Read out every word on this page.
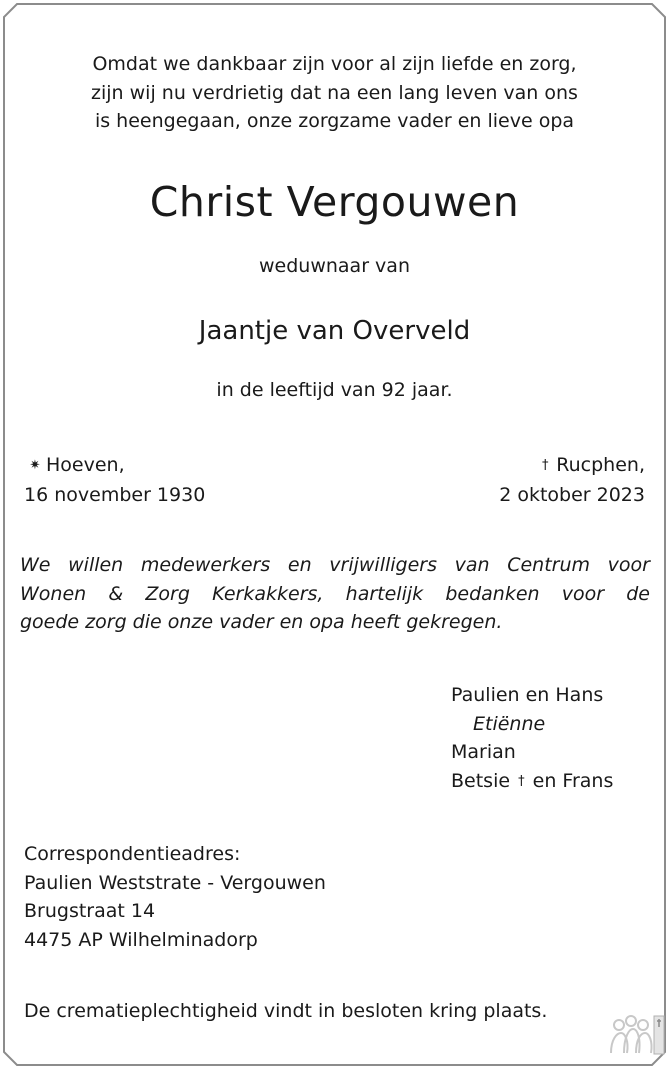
Omdat we dankbaar zijn voor al zijn liefde en zorg,
zijn wij nu verdrietig dat na een lang leven van ons
is heengegaan, onze zorgzame vader en lieve opa
Christ Vergouwen
weduwnaar van
Jaantje van Overveld
in de leeftijd van 92 jaar.
✷ Hoeven,
16 november 1930
† Rucphen,
2 oktober 2023
We willen medewerkers en vrijwilligers van Centrum voor
Wonen & Zorg Kerkakkers, hartelijk bedanken voor de
goede zorg die onze vader en opa heeft gekregen.
Paulien en Hans
Etiënne
Marian
Betsie † en Frans
Correspondentieadres:
Paulien Weststrate - Vergouwen
Brugstraat 14
4475 AP Wilhelminadorp
De crematieplechtigheid vindt in besloten kring plaats.
